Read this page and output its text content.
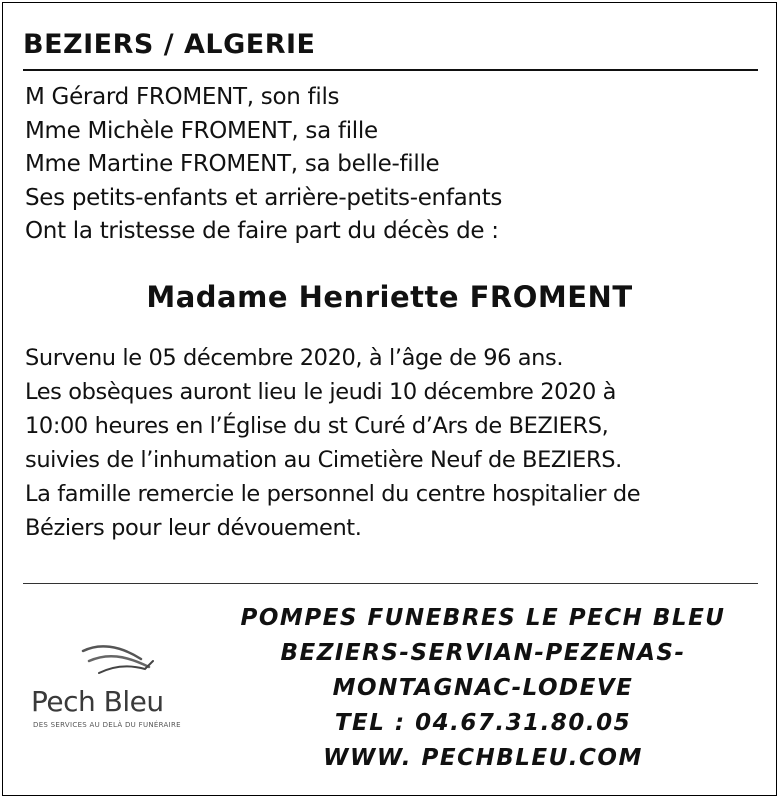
BEZIERS / ALGERIE
M Gérard FROMENT, son fils
Mme Michèle FROMENT, sa fille
Mme Martine FROMENT, sa belle-fille
Ses petits-enfants et arrière-petits-enfants
Ont la tristesse de faire part du décès de :
Madame Henriette FROMENT
Survenu le 05 décembre 2020, à l’âge de 96 ans.
Les obsèques auront lieu le jeudi 10 décembre 2020 à
10:00 heures en l’Église du st Curé d’Ars de BEZIERS,
suivies de l’inhumation au Cimetière Neuf de BEZIERS.
La famille remercie le personnel du centre hospitalier de
Béziers pour leur dévouement.
Pech Bleu
DES SERVICES AU DELÀ DU FUNÉRAIRE
POMPES FUNEBRES LE PECH BLEU
BEZIERS-SERVIAN-PEZENAS-
MONTAGNAC-LODEVE
TEL : 04.67.31.80.05
WWW. PECHBLEU.COM
